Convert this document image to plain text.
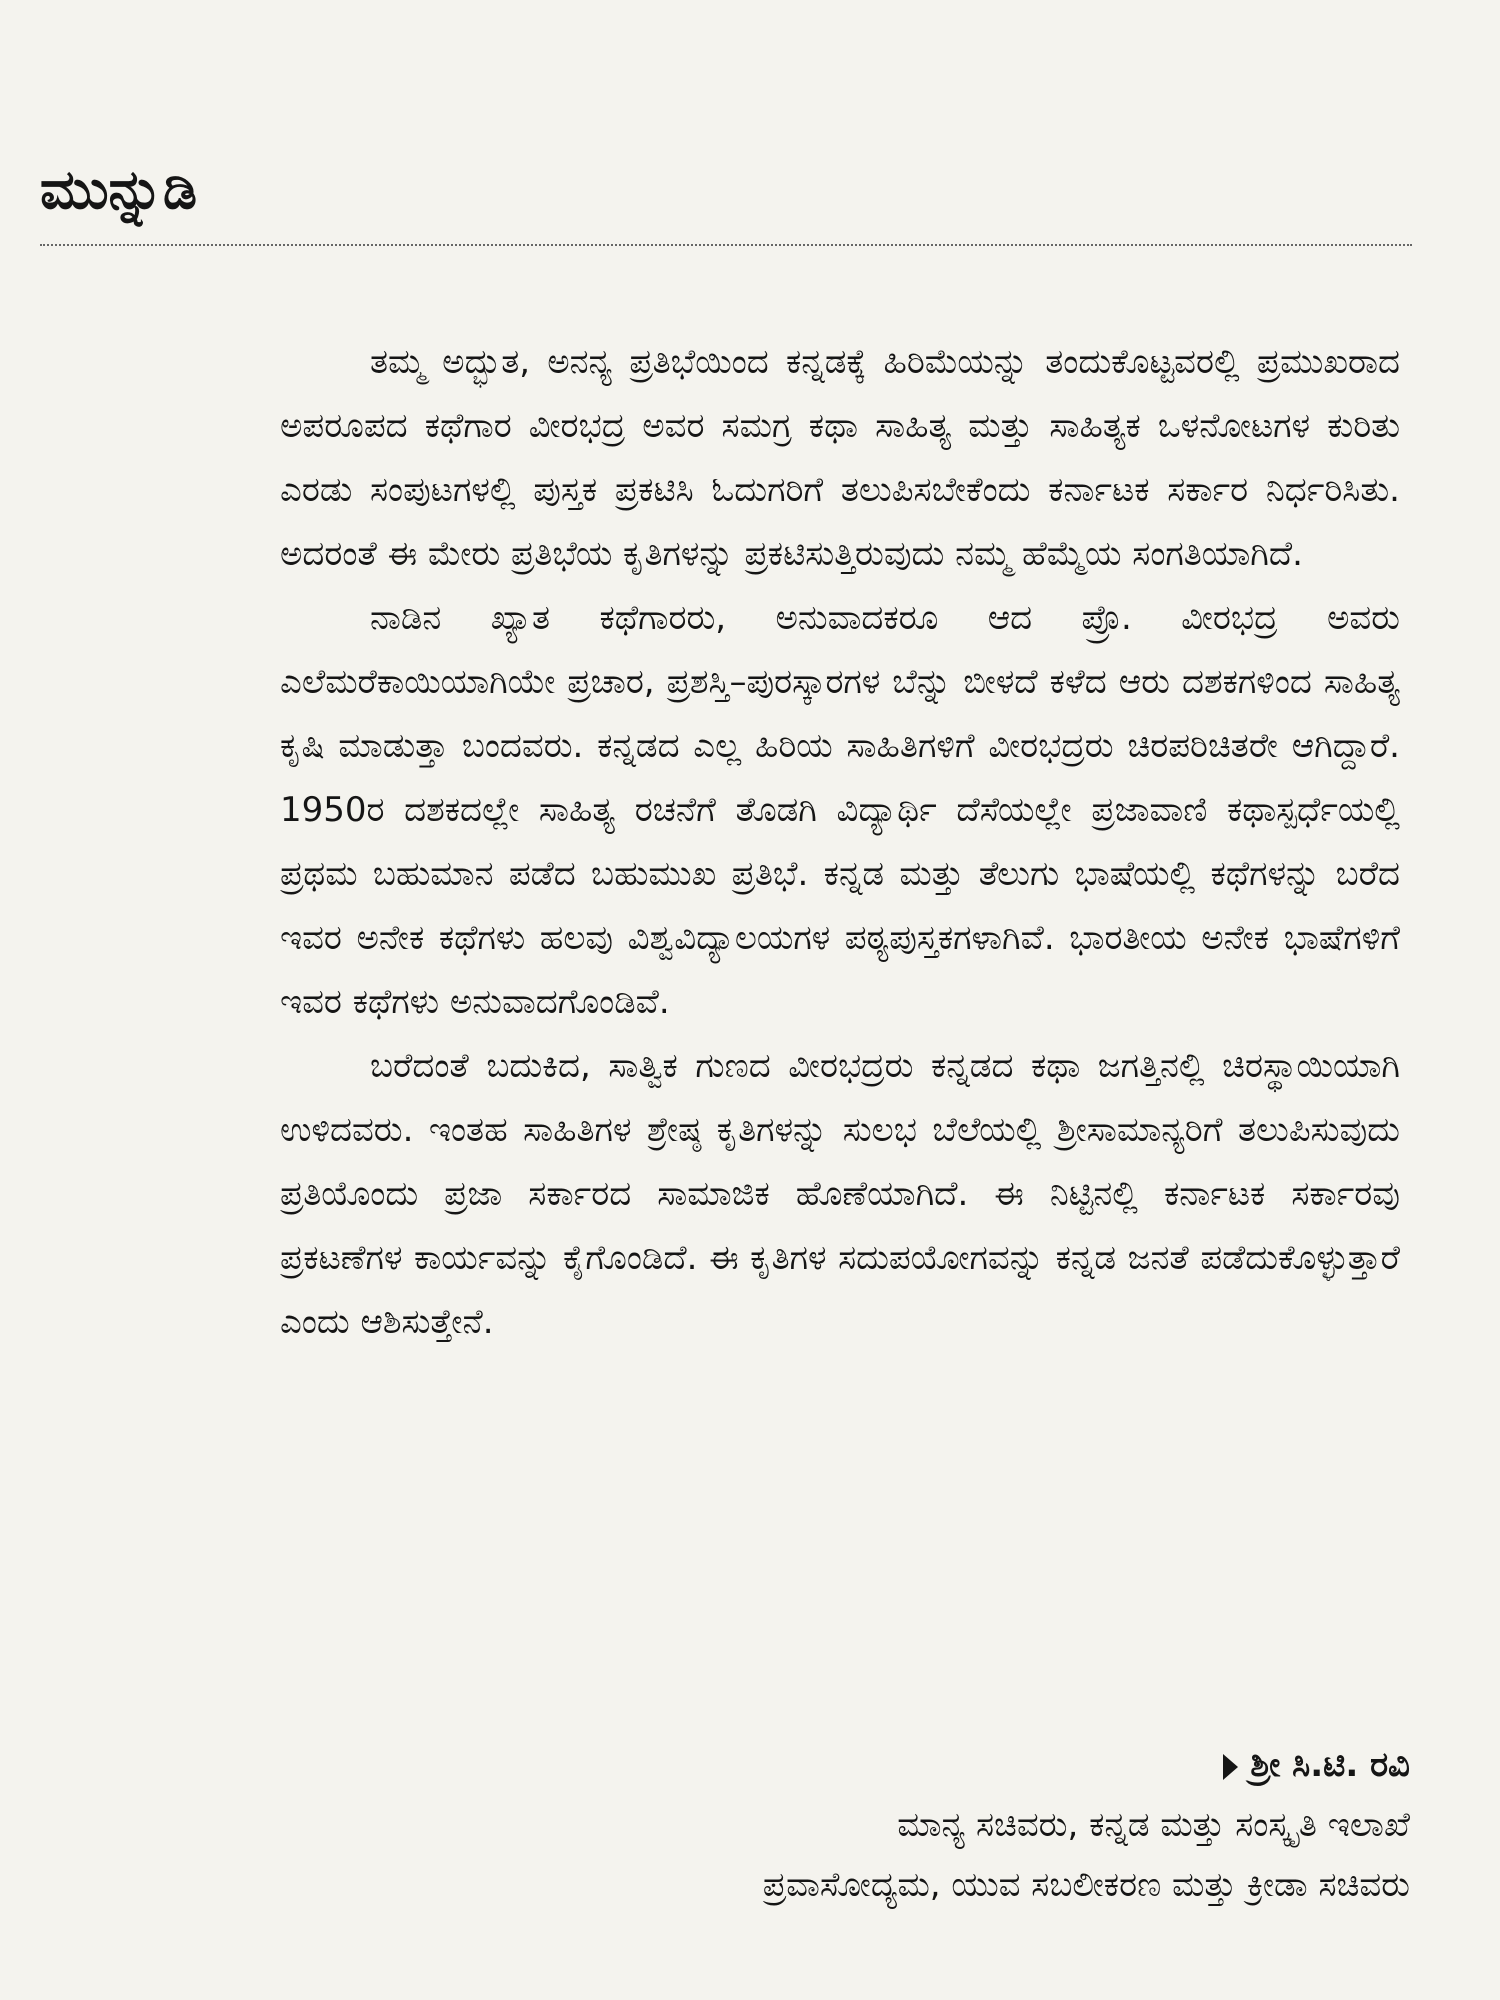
ಮುನ್ನುಡಿ

ತಮ್ಮ ಅದ್ಭುತ, ಅನನ್ಯ ಪ್ರತಿಭೆಯಿಂದ ಕನ್ನಡಕ್ಕೆ ಹಿರಿಮೆಯನ್ನು ತಂದುಕೊಟ್ಟವರಲ್ಲಿ ಪ್ರಮುಖರಾದ ಅಪರೂಪದ ಕಥೆಗಾರ ವೀರಭದ್ರ ಅವರ ಸಮಗ್ರ ಕಥಾ ಸಾಹಿತ್ಯ ಮತ್ತು ಸಾಹಿತ್ಯಕ ಒಳನೋಟಗಳ ಕುರಿತು ಎರಡು ಸಂಪುಟಗಳಲ್ಲಿ ಪುಸ್ತಕ ಪ್ರಕಟಿಸಿ ಓದುಗರಿಗೆ ತಲುಪಿಸಬೇಕೆಂದು ಕರ್ನಾಟಕ ಸರ್ಕಾರ ನಿರ್ಧರಿಸಿತು. ಅದರಂತೆ ಈ ಮೇರು ಪ್ರತಿಭೆಯ ಕೃತಿಗಳನ್ನು ಪ್ರಕಟಿಸುತ್ತಿರುವುದು ನಮ್ಮ ಹೆಮ್ಮೆಯ ಸಂಗತಿಯಾಗಿದೆ.

ನಾಡಿನ ಖ್ಯಾತ ಕಥೆಗಾರರು, ಅನುವಾದಕರೂ ಆದ ಪ್ರೊ. ವೀರಭದ್ರ ಅವರು ಎಲೆಮರೆಕಾಯಿಯಾಗಿಯೇ ಪ್ರಚಾರ, ಪ್ರಶಸ್ತಿ–ಪುರಸ್ಕಾರಗಳ ಬೆನ್ನು ಬೀಳದೆ ಕಳೆದ ಆರು ದಶಕಗಳಿಂದ ಸಾಹಿತ್ಯ ಕೃಷಿ ಮಾಡುತ್ತಾ ಬಂದವರು. ಕನ್ನಡದ ಎಲ್ಲ ಹಿರಿಯ ಸಾಹಿತಿಗಳಿಗೆ ವೀರಭದ್ರರು ಚಿರಪರಿಚಿತರೇ ಆಗಿದ್ದಾರೆ. 1950ರ ದಶಕದಲ್ಲೇ ಸಾಹಿತ್ಯ ರಚನೆಗೆ ತೊಡಗಿ ವಿದ್ಯಾರ್ಥಿ ದೆಸೆಯಲ್ಲೇ ಪ್ರಜಾವಾಣಿ ಕಥಾಸ್ಪರ್ಧೆಯಲ್ಲಿ ಪ್ರಥಮ ಬಹುಮಾನ ಪಡೆದ ಬಹುಮುಖ ಪ್ರತಿಭೆ. ಕನ್ನಡ ಮತ್ತು ತೆಲುಗು ಭಾಷೆಯಲ್ಲಿ ಕಥೆಗಳನ್ನು ಬರೆದ ಇವರ ಅನೇಕ ಕಥೆಗಳು ಹಲವು ವಿಶ್ವವಿದ್ಯಾಲಯಗಳ ಪಠ್ಯಪುಸ್ತಕಗಳಾಗಿವೆ. ಭಾರತೀಯ ಅನೇಕ ಭಾಷೆಗಳಿಗೆ ಇವರ ಕಥೆಗಳು ಅನುವಾದಗೊಂಡಿವೆ.

ಬರೆದಂತೆ ಬದುಕಿದ, ಸಾತ್ವಿಕ ಗುಣದ ವೀರಭದ್ರರು ಕನ್ನಡದ ಕಥಾ ಜಗತ್ತಿನಲ್ಲಿ ಚಿರಸ್ಥಾಯಿಯಾಗಿ ಉಳಿದವರು. ಇಂತಹ ಸಾಹಿತಿಗಳ ಶ್ರೇಷ್ಠ ಕೃತಿಗಳನ್ನು ಸುಲಭ ಬೆಲೆಯಲ್ಲಿ ಶ್ರೀಸಾಮಾನ್ಯರಿಗೆ ತಲುಪಿಸುವುದು ಪ್ರತಿಯೊಂದು ಪ್ರಜಾ ಸರ್ಕಾರದ ಸಾಮಾಜಿಕ ಹೊಣೆಯಾಗಿದೆ. ಈ ನಿಟ್ಟಿನಲ್ಲಿ ಕರ್ನಾಟಕ ಸರ್ಕಾರವು ಪ್ರಕಟಣೆಗಳ ಕಾರ್ಯವನ್ನು ಕೈಗೊಂಡಿದೆ. ಈ ಕೃತಿಗಳ ಸದುಪಯೋಗವನ್ನು ಕನ್ನಡ ಜನತೆ ಪಡೆದುಕೊಳ್ಳುತ್ತಾರೆ ಎಂದು ಆಶಿಸುತ್ತೇನೆ.

ಶ್ರೀ ಸಿ.ಟಿ. ರವಿ
ಮಾನ್ಯ ಸಚಿವರು, ಕನ್ನಡ ಮತ್ತು ಸಂಸ್ಕೃತಿ ಇಲಾಖೆ
ಪ್ರವಾಸೋದ್ಯಮ, ಯುವ ಸಬಲೀಕರಣ ಮತ್ತು ಕ್ರೀಡಾ ಸಚಿವರು
